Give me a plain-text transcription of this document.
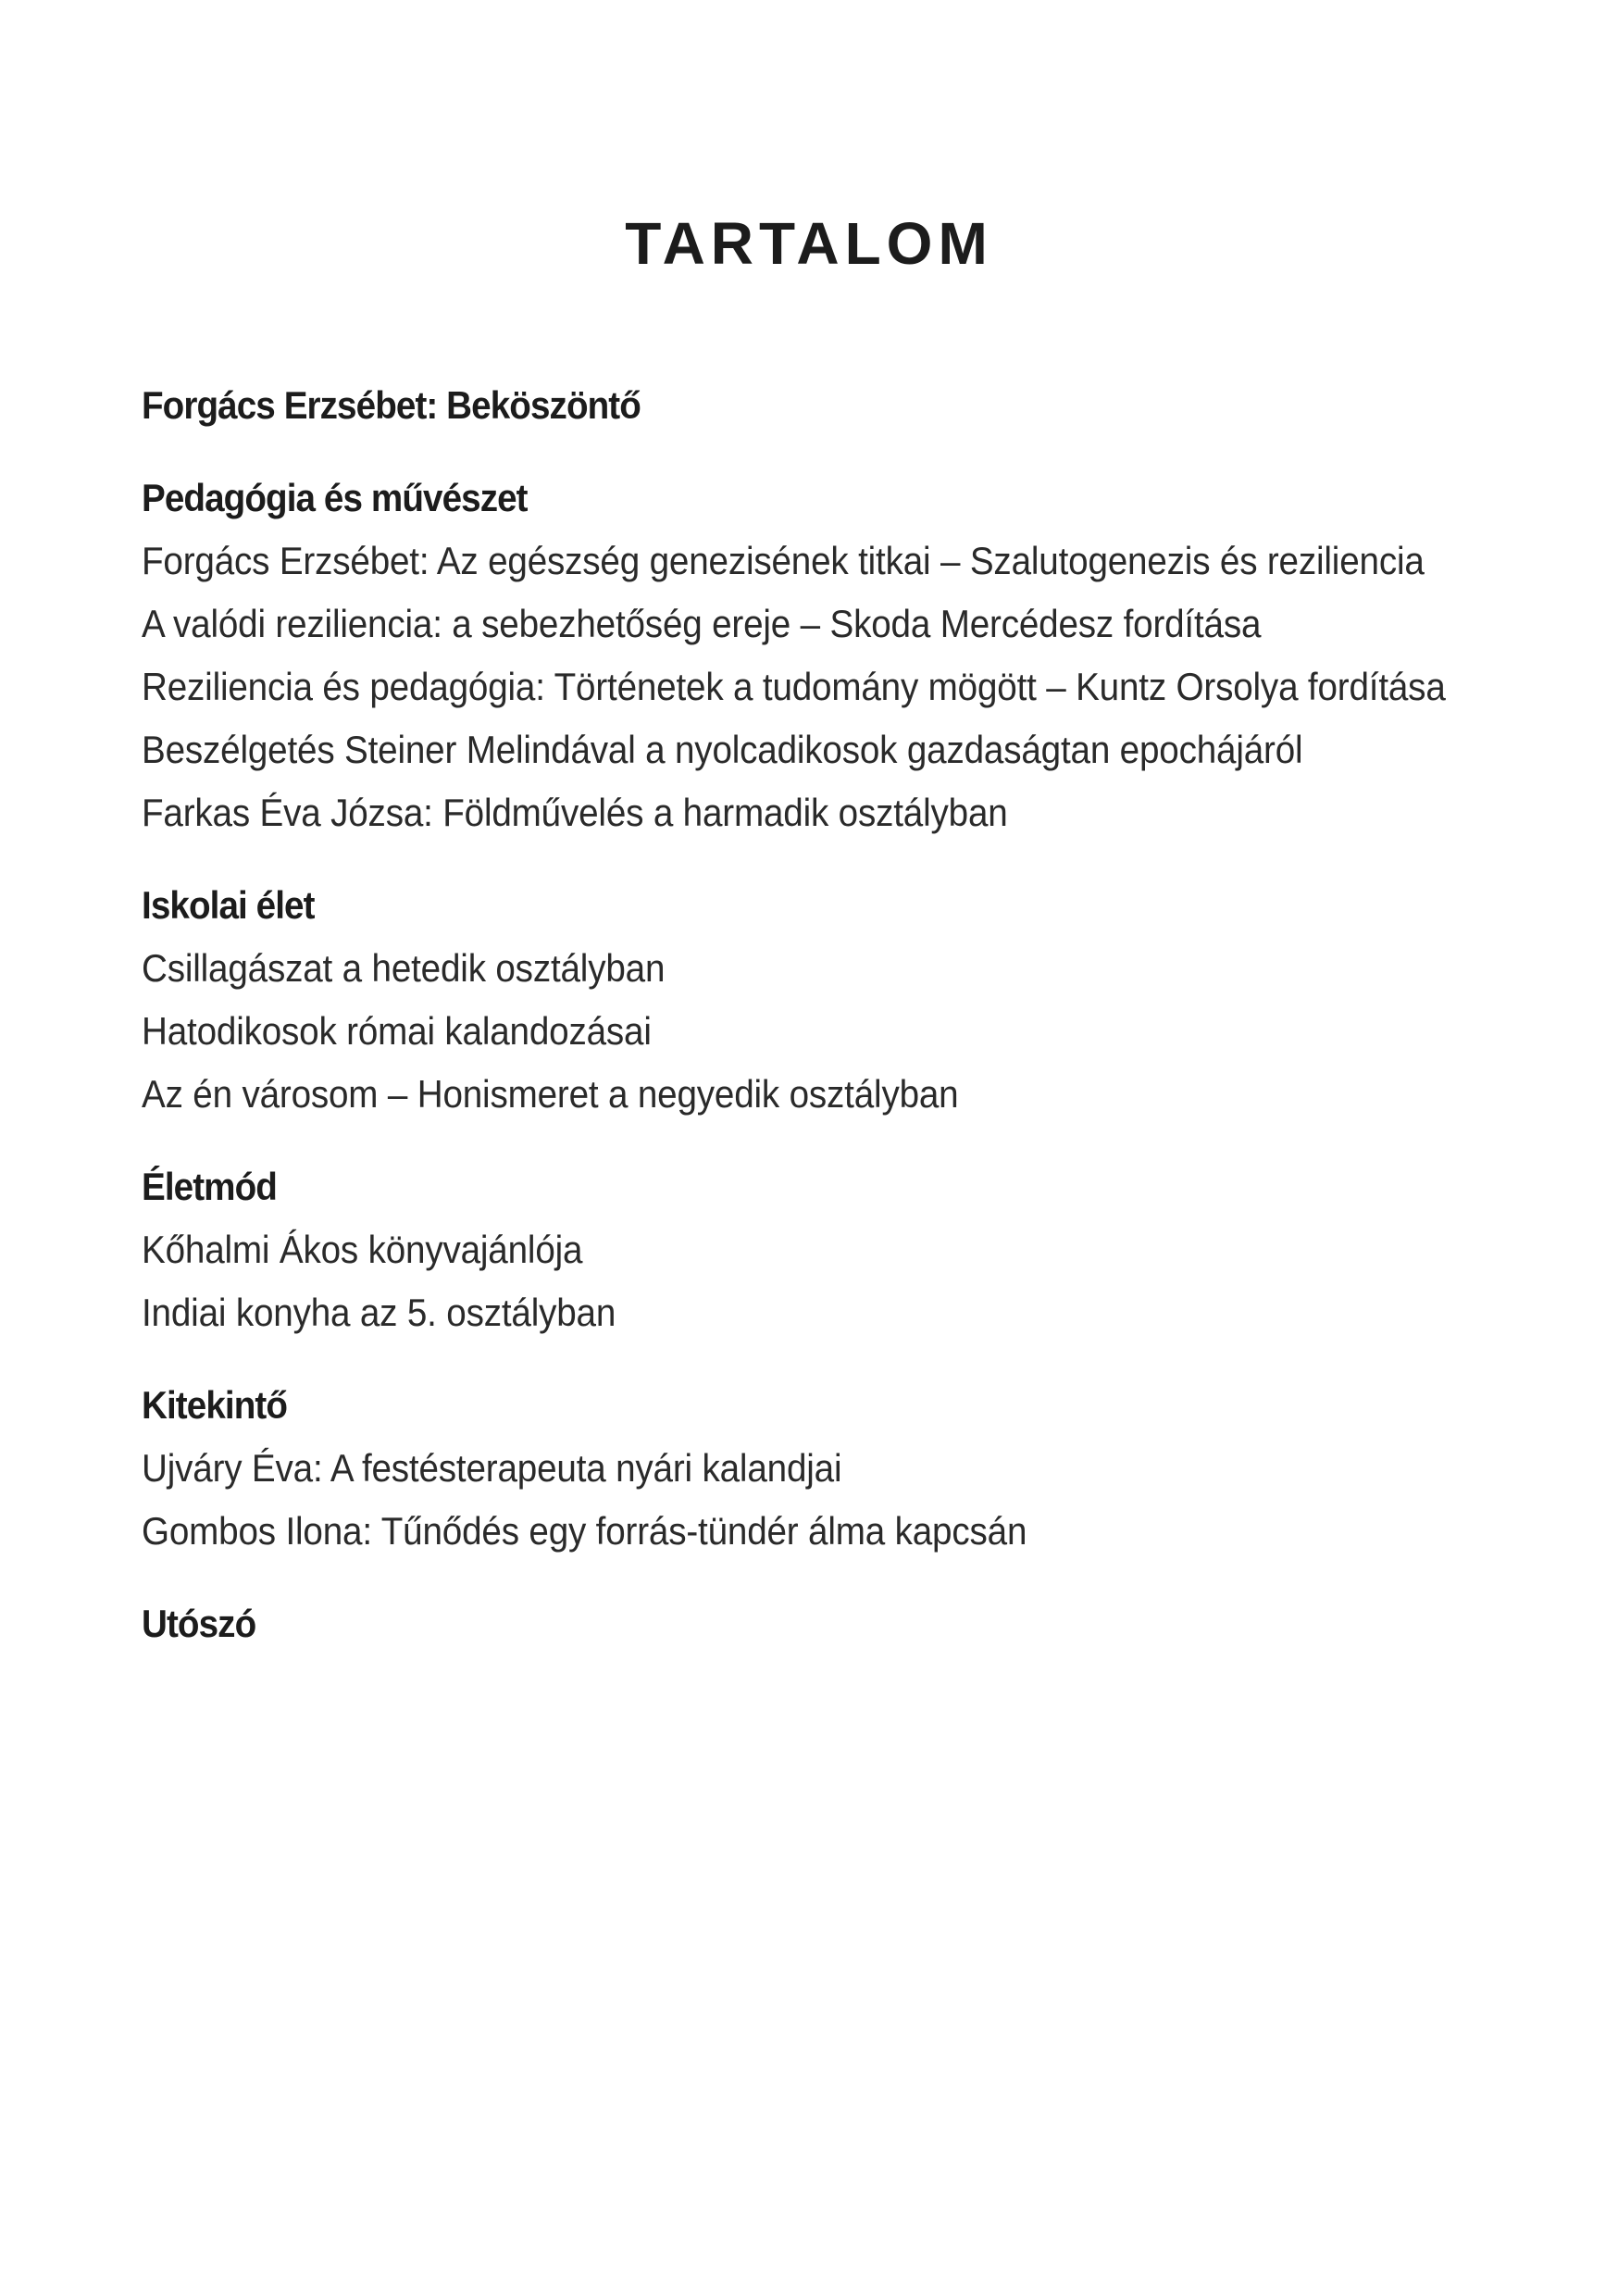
TARTALOM

Forgács Erzsébet: Beköszöntő

Pedagógia és művészet

Forgács Erzsébet: Az egészség genezisének titkai – Szalutogenezis és reziliencia

A valódi reziliencia: a sebezhetőség ereje – Skoda Mercédesz fordítása

Reziliencia és pedagógia: Történetek a tudomány mögött – Kuntz Orsolya fordítása

Beszélgetés Steiner Melindával a nyolcadikosok gazdaságtan epochájáról

Farkas Éva Józsa: Földművelés a harmadik osztályban

Iskolai élet

Csillagászat a hetedik osztályban

Hatodikosok római kalandozásai

Az én városom – Honismeret a negyedik osztályban

Életmód

Kőhalmi Ákos könyvajánlója

Indiai konyha az 5. osztályban

Kitekintő

Ujváry Éva: A festésterapeuta nyári kalandjai

Gombos Ilona: Tűnődés egy forrás-tündér álma kapcsán

Utószó
